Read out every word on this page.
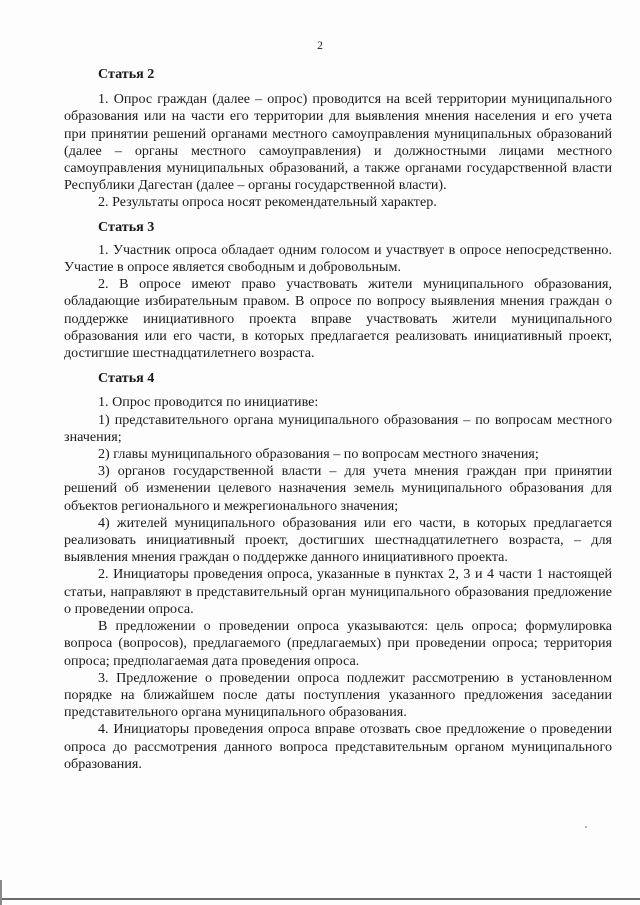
2
Статья 2

1. Опрос граждан (далее – опрос) проводится на всей территории муниципального образования или на части его территории для выявления мнения населения и его учета при принятии решений органами местного самоуправления муниципальных образований (далее – органы местного самоуправления) и должностными лицами местного самоуправления муниципальных образований, а также органами государственной власти Республики Дагестан (далее – органы государственной власти).

2. Результаты опроса носят рекомендательный характер.

Статья 3

1. Участник опроса обладает одним голосом и участвует в опросе непосредственно. Участие в опросе является свободным и добровольным.

2. В опросе имеют право участвовать жители муниципального образования, обладающие избирательным правом. В опросе по вопросу выявления мнения граждан о поддержке инициативного проекта вправе участвовать жители муниципального образования или его части, в которых предлагается реализовать инициативный проект, достигшие шестнадцатилетнего возраста.

Статья 4

1. Опрос проводится по инициативе:

1) представительного органа муниципального образования – по вопросам местного значения;

2) главы муниципального образования – по вопросам местного значения;

3) органов государственной власти – для учета мнения граждан при принятии решений об изменении целевого назначения земель муниципального образования для объектов регионального и межрегионального значения;

4) жителей муниципального образования или его части, в которых предлагается реализовать инициативный проект, достигших шестнадцатилетнего возраста, – для выявления мнения граждан о поддержке данного инициативного проекта.

2. Инициаторы проведения опроса, указанные в пунктах 2, 3 и 4 части 1 настоящей статьи, направляют в представительный орган муниципального образования предложение о проведении опроса.

В предложении о проведении опроса указываются: цель опроса; формулировка вопроса (вопросов), предлагаемого (предлагаемых) при проведении опроса; территория опроса; предполагаемая дата проведения опроса.

3. Предложение о проведении опроса подлежит рассмотрению в установленном порядке на ближайшем после даты поступления указанного предложения заседании представительного органа муниципального образования.

4. Инициаторы проведения опроса вправе отозвать свое предложение о проведении опроса до рассмотрения данного вопроса представительным органом муниципального образования.
